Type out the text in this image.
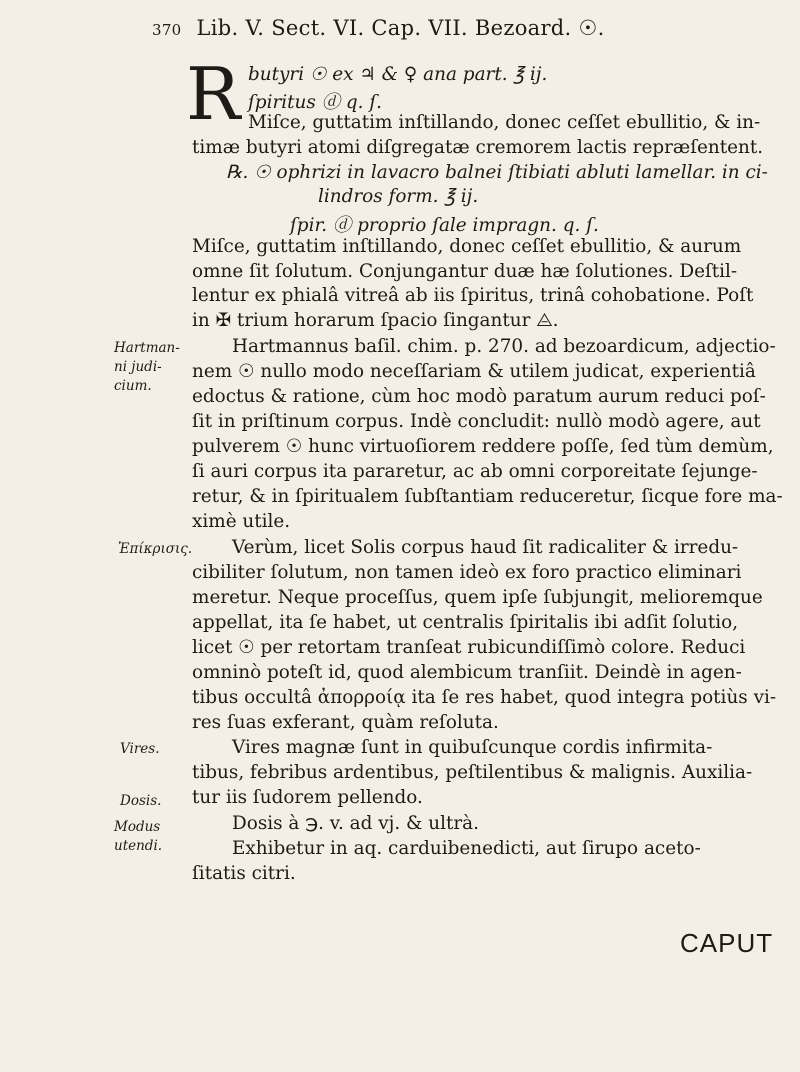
370 Lib. V. Sect. VI. Cap. VII. Bezoard. ☉.
R butyri ☉ ex ♃ & ♀ ana part. ℥ ij.
ſpiritus ⓓ q. ſ.
Miſce, guttatim inſtillando, donec ceſſet ebullitio, & in-
timæ butyri atomi diſgregatæ cremorem lactis repræſentent.
℞. ☉ ophrizi in lavacro balnei ſtibiati abluti lamellar. in ci-
lindros form. ℥ ij.
ſpir. ⓓ proprio ſale impragn. q. ſ.
Miſce, guttatim inſtillando, donec ceſſet ebullitio, & aurum
omne ſit ſolutum. Conjungantur duæ hæ ſolutiones. Deſtil-
lentur ex phialâ vitreâ ab iis ſpiritus, trinâ cohobatione. Poſt
in ✠ trium horarum ſpacio ſingantur ⨺.
Hartmannus baſil. chim. p. 270. ad bezoardicum, adjectio-
nem ☉ nullo modo neceſſariam & utilem judicat, experientiâ
edoctus & ratione, cùm hoc modò paratum aurum reduci poſ-
ſit in priſtinum corpus. Indè concludit: nullò modò agere, aut
pulverem ☉ hunc virtuoſiorem reddere poſſe, ſed tùm demùm,
ſi auri corpus ita pararetur, ac ab omni corporeitate ſejunge-
retur, & in ſpiritualem ſubſtantiam reduceretur, ſicque fore ma-
ximè utile.
Verùm, licet Solis corpus haud ſit radicaliter & irredu-
cibiliter ſolutum, non tamen ideò ex foro practico eliminari
meretur. Neque proceſſus, quem ipſe ſubjungit, melioremque
appellat, ita ſe habet, ut centralis ſpiritalis ibi adſit ſolutio,
licet ☉ per retortam tranſeat rubicundiſſimò colore. Reduci
omninò poteſt id, quod alembicum tranſiit. Deindè in agen-
tibus occultâ ἀπορροίᾳ ita ſe res habet, quod integra potiùs vi-
res ſuas exferant, quàm reſoluta.
Vires magnæ ſunt in quibuſcunque cordis infirmita-
tibus, febribus ardentibus, peſtilentibus & malignis. Auxilia-
tur iis ſudorem pellendo.
Dosis à ℈. v. ad vj. & ultrà.
Exhibetur in aq. carduibenedicti, aut ſirupo aceto-
ſitatis citri.
Hartman-
ni judi-
cium.
Ἐπίκρισις.
Vires.
Dosis.
Modus
utendi.
CAPUT
